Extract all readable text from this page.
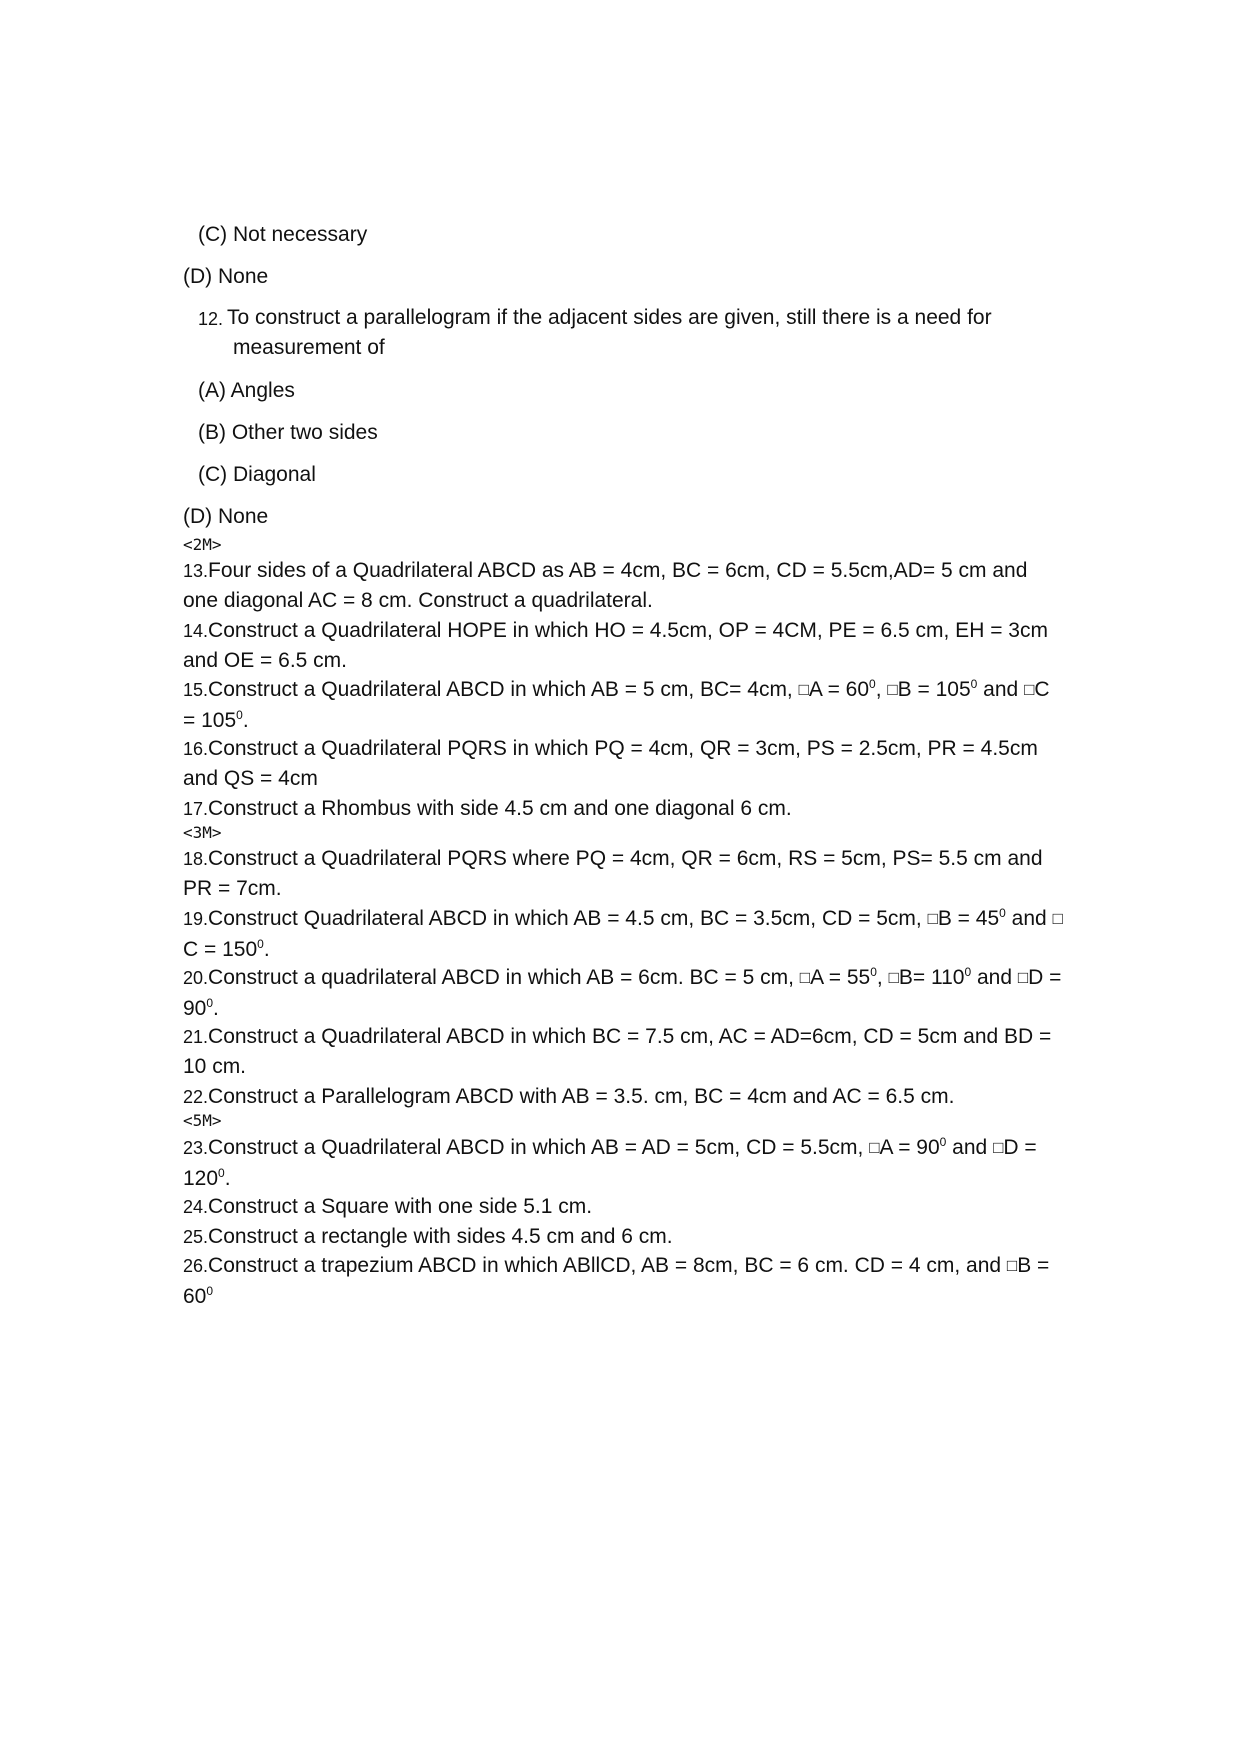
(C) Not necessary
(D) None
12. To construct a parallelogram if the adjacent sides are given, still there is a need for
measurement of
(A) Angles
(B) Other two sides
(C) Diagonal
(D) None
<2M>
13.Four sides of a Quadrilateral ABCD as AB = 4cm, BC = 6cm, CD = 5.5cm,AD= 5 cm and one diagonal AC = 8 cm. Construct a quadrilateral.
14.Construct a Quadrilateral HOPE in which HO = 4.5cm, OP = 4CM, PE = 6.5 cm, EH = 3cm and OE = 6.5 cm.
15.Construct a Quadrilateral ABCD in which AB = 5 cm, BC= 4cm, □A = $60^0$, □B = $105^0$ and □C = $105^0$.
16.Construct a Quadrilateral PQRS in which PQ = 4cm, QR = 3cm, PS = 2.5cm, PR = 4.5cm and QS = 4cm
17.Construct a Rhombus with side 4.5 cm and one diagonal 6 cm.
<3M>
18.Construct a Quadrilateral PQRS where PQ = 4cm, QR = 6cm, RS = 5cm, PS= 5.5 cm and PR = 7cm.
19.Construct Quadrilateral ABCD in which AB = 4.5 cm, BC = 3.5cm, CD = 5cm, □B = $45^0$ and □C = $150^0$.
20.Construct a quadrilateral ABCD in which AB = 6cm. BC = 5 cm, □A = $55^0$, □B= $110^0$ and □D = $90^0$.
21.Construct a Quadrilateral ABCD in which BC = 7.5 cm, AC = AD=6cm, CD = 5cm and BD = 10 cm.
22.Construct a Parallelogram ABCD with AB = 3.5. cm, BC = 4cm and AC = 6.5 cm.
<5M>
23.Construct a Quadrilateral ABCD in which AB = AD = 5cm, CD = 5.5cm, □A = $90^0$ and □D = $120^0$.
24.Construct a Square with one side 5.1 cm.
25.Construct a rectangle with sides 4.5 cm and 6 cm.
26.Construct a trapezium ABCD in which ABllCD, AB = 8cm, BC = 6 cm. CD = 4 cm, and □B = $60^0$
